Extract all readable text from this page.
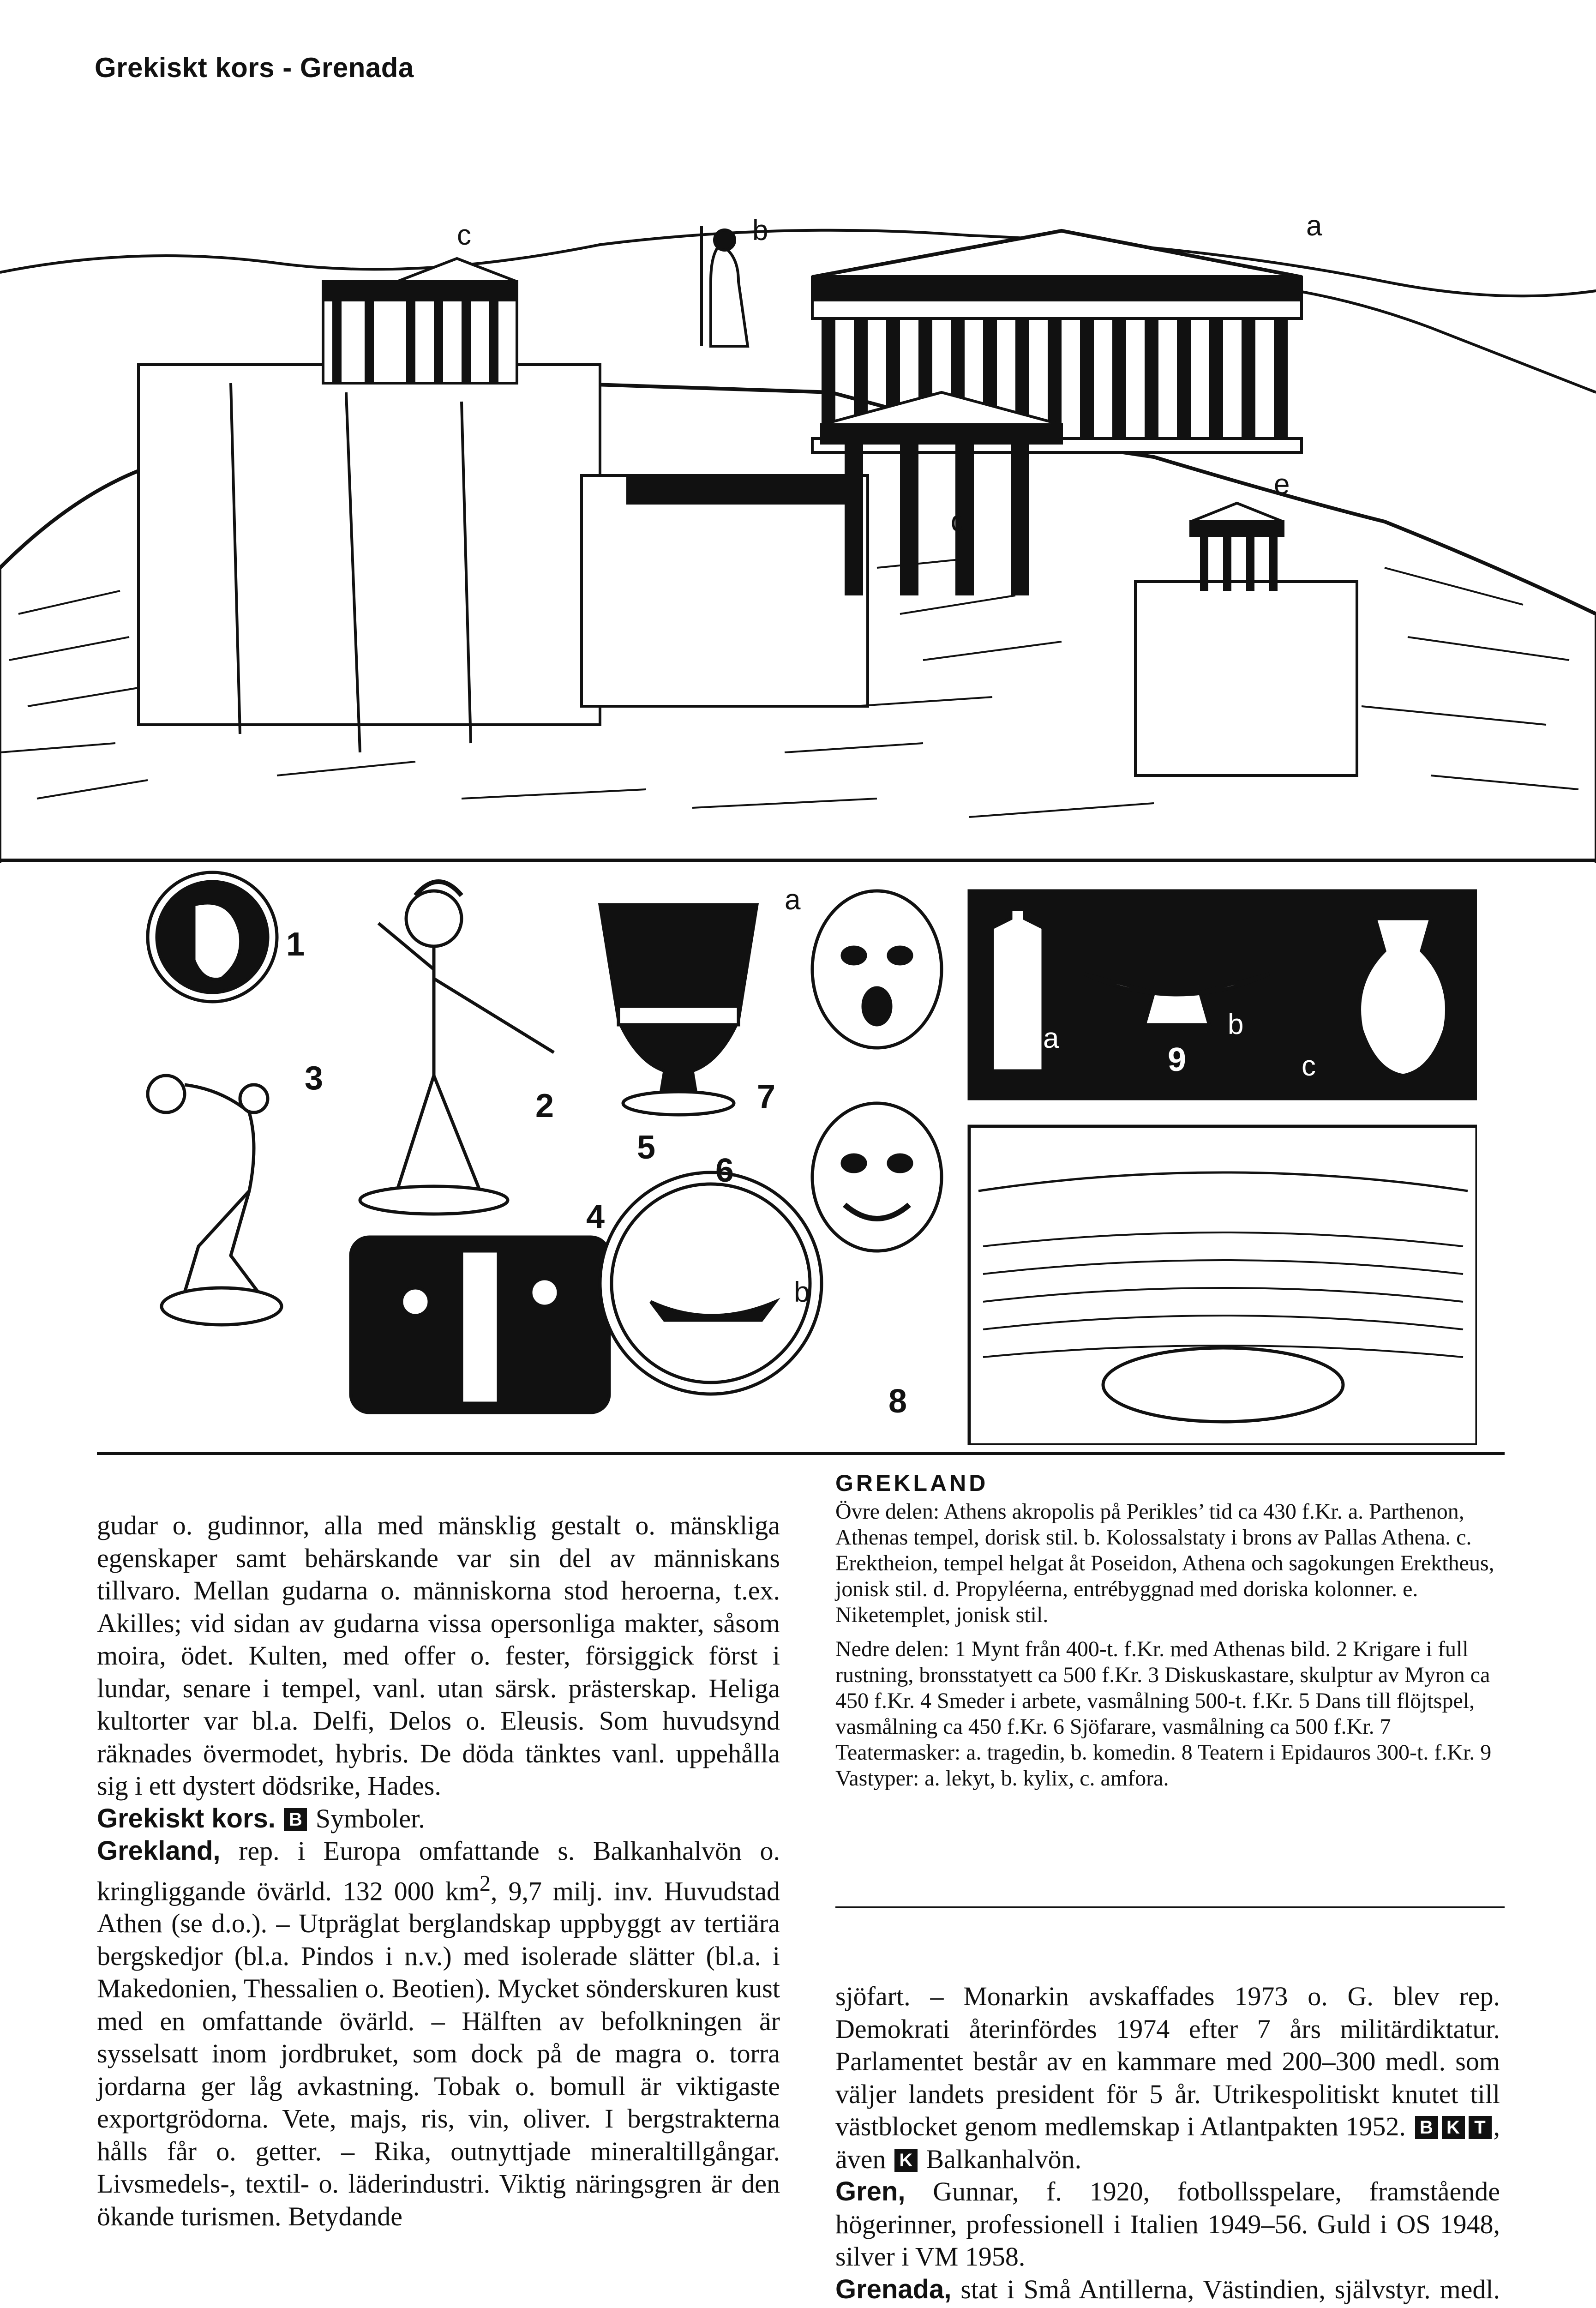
Grekiskt kors - Grenada
c	b	a
d
e
1
2
3
4
5
6
7
8
9
a
b
a	b
c
GREKLAND

Övre delen: Athens akropolis på Perikles’ tid ca 430 f.Kr. a. Parthenon, Athenas tempel, dorisk stil. b. Kolossalstaty i brons av Pallas Athena. c. Erektheion, tempel helgat åt Poseidon, Athena och sagokungen Erektheus, jonisk stil. d. Propyléerna, entrébyggnad med doriska kolonner. e. Niketemplet, jonisk stil.

Nedre delen: 1 Mynt från 400-t. f.Kr. med Athenas bild. 2 Krigare i full rustning, bronsstatyett ca 500 f.Kr. 3 Diskuskastare, skulptur av Myron ca 450 f.Kr. 4 Smeder i arbete, vasmålning 500-t. f.Kr. 5 Dans till flöjtspel, vasmålning ca 450 f.Kr. 6 Sjöfarare, vasmålning ca 500 f.Kr. 7 Teatermasker: a. tragedin, b. komedin. 8 Teatern i Epidauros 300-t. f.Kr. 9 Vastyper: a. lekyt, b. kylix, c. amfora.

gudar o. gudinnor, alla med mänsklig gestalt o. mänskliga egenskaper samt behärskande var sin del av människans tillvaro. Mellan gudarna o. människorna stod heroerna, t.ex. Akilles; vid sidan av gudarna vissa opersonliga makter, såsom moira, ödet. Kulten, med offer o. fester, försiggick först i lundar, senare i tempel, vanl. utan särsk. prästerskap. Heliga kultorter var bl.a. Delfi, Delos o. Eleusis. Som huvudsynd räknades övermodet, hybris. De döda tänktes vanl. uppehålla sig i ett dystert dödsrike, Hades.

Grekiskt kors. B Symboler.

Grekland, rep. i Europa omfattande s. Balkanhalvön o. kringliggande övärld. 132 000 $km^2$, 9,7 milj. inv. Huvudstad Athen (se d.o.). – Utpräglat berglandskap uppbyggt av tertiära bergskedjor (bl.a. Pindos i n.v.) med isolerade slätter (bl.a. i Makedonien, Thessalien o. Beotien). Mycket sönderskuren kust med en omfattande övärld. – Hälften av befolkningen är sysselsatt inom jordbruket, som dock på de magra o. torra jordarna ger låg avkastning. Tobak o. bomull är viktigaste exportgrödorna. Vete, majs, ris, vin, oliver. I bergstrakterna hålls får o. getter. – Rika, outnyttjade mineraltillgångar. Livsmedels-, textil- o. läderindustri. Viktig näringsgren är den ökande turismen. Betydande

sjöfart. – Monarkin avskaffades 1973 o. G. blev rep. Demokrati återinfördes 1974 efter 7 års militärdiktatur. Parlamentet består av en kammare med 200–300 medl. som väljer landets president för 5 år. Utrikespolitiskt knutet till västblocket genom medlemskap i Atlantpakten 1952. B K T , även K Balkanhalvön.

Gren, Gunnar, f. 1920, fotbollsspelare, framstående högerinner, professionell i Italien 1949–56. Guld i OS 1948, silver i VM 1958.

Grenada, stat i Små Antillerna, Västindien, självstyr. medl.
